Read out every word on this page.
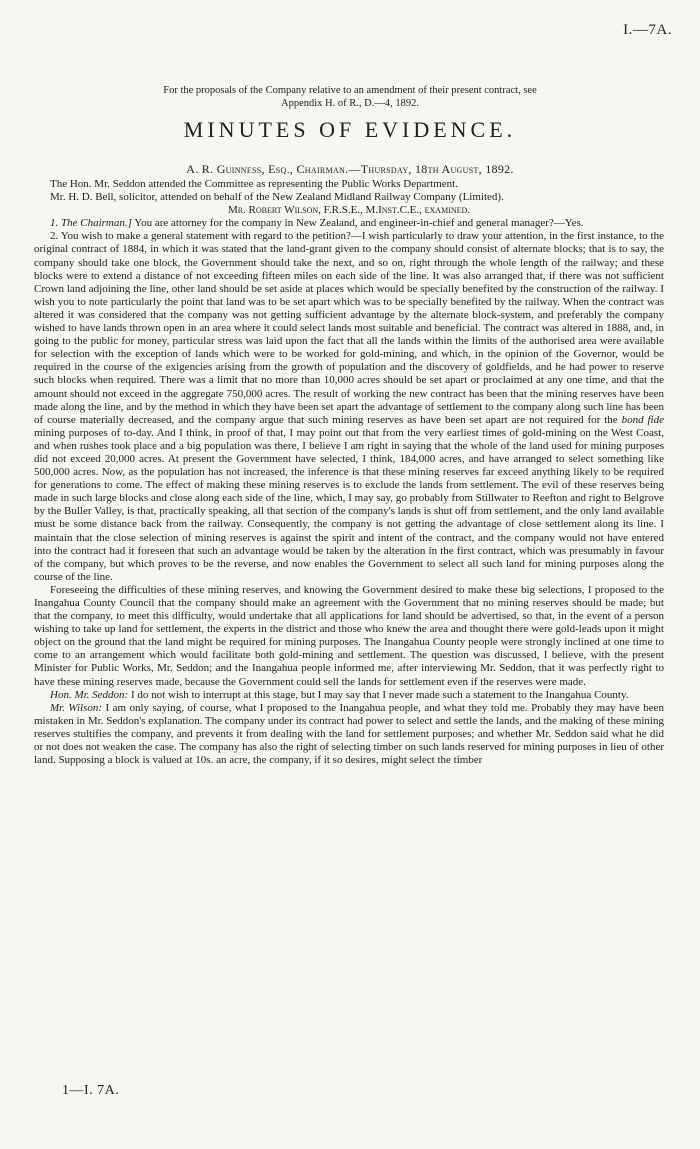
I.—7A.
For the proposals of the Company relative to an amendment of their present contract, see
Appendix H. of R., D.—4, 1892.
MINUTES OF EVIDENCE.
A. R. Guinness, Esq., Chairman.—Thursday, 18th August, 1892.

The Hon. Mr. Seddon attended the Committee as representing the Public Works Department.

Mr. H. D. Bell, solicitor, attended on behalf of the New Zealand Midland Railway Company (Limited).

Mr. Robert Wilson, F.R.S.E., M.Inst.C.E., examined.

1. The Chairman.] You are attorney for the company in New Zealand, and engineer-in-chief and general manager?—Yes.

2. You wish to make a general statement with regard to the petition?—I wish particularly to draw your attention, in the first instance, to the original contract of 1884, in which it was stated that the land-grant given to the company should consist of alternate blocks; that is to say, the company should take one block, the Government should take the next, and so on, right through the whole length of the railway; and these blocks were to extend a distance of not exceeding fifteen miles on each side of the line. It was also arranged that, if there was not sufficient Crown land adjoining the line, other land should be set aside at places which would be specially benefited by the construction of the railway. I wish you to note particularly the point that land was to be set apart which was to be specially benefited by the railway. When the contract was altered it was considered that the company was not getting sufficient advantage by the alternate block-system, and preferably the company wished to have lands thrown open in an area where it could select lands most suitable and beneficial. The contract was altered in 1888, and, in going to the public for money, particular stress was laid upon the fact that all the lands within the limits of the authorised area were available for selection with the exception of lands which were to be worked for gold-mining, and which, in the opinion of the Governor, would be required in the course of the exigencies arising from the growth of population and the discovery of goldfields, and he had power to reserve such blocks when required. There was a limit that no more than 10,000 acres should be set apart or proclaimed at any one time, and that the amount should not exceed in the aggregate 750,000 acres. The result of working the new contract has been that the mining reserves have been made along the line, and by the method in which they have been set apart the advantage of settlement to the company along such line has been of course materially decreased, and the company argue that such mining reserves as have been set apart are not required for the bond fide mining purposes of to-day. And I think, in proof of that, I may point out that from the very earliest times of gold-mining on the West Coast, and when rushes took place and a big population was there, I believe I am right in saying that the whole of the land used for mining purposes did not exceed 20,000 acres. At present the Government have selected, I think, 184,000 acres, and have arranged to select something like 500,000 acres. Now, as the population has not increased, the inference is that these mining reserves far exceed anything likely to be required for generations to come. The effect of making these mining reserves is to exclude the lands from settlement. The evil of these reserves being made in such large blocks and close along each side of the line, which, I may say, go probably from Stillwater to Reefton and right to Belgrove by the Buller Valley, is that, practically speaking, all that section of the company's lands is shut off from settlement, and the only land available must be some distance back from the railway. Consequently, the company is not getting the advantage of close settlement along its line. I maintain that the close selection of mining reserves is against the spirit and intent of the contract, and the company would not have entered into the contract had it foreseen that such an advantage would be taken by the alteration in the first contract, which was presumably in favour of the company, but which proves to be the reverse, and now enables the Government to select all such land for mining purposes along the course of the line.

Foreseeing the difficulties of these mining reserves, and knowing the Government desired to make these big selections, I proposed to the Inangahua County Council that the company should make an agreement with the Government that no mining reserves should be made; but that the company, to meet this difficulty, would undertake that all applications for land should be advertised, so that, in the event of a person wishing to take up land for settlement, the experts in the district and those who knew the area and thought there were gold-leads upon it might object on the ground that the land might be required for mining purposes. The Inangahua County people were strongly inclined at one time to come to an arrangement which would facilitate both gold-mining and settlement. The question was discussed, I believe, with the present Minister for Public Works, Mr. Seddon; and the Inangahua people informed me, after interviewing Mr. Seddon, that it was perfectly right to have these mining reserves made, because the Government could sell the lands for settlement even if the reserves were made.

Hon. Mr. Seddon: I do not wish to interrupt at this stage, but I may say that I never made such a statement to the Inangahua County.

Mr. Wilson: I am only saying, of course, what I proposed to the Inangahua people, and what they told me. Probably they may have been mistaken in Mr. Seddon's explanation. The company under its contract had power to select and settle the lands, and the making of these mining reserves stultifies the company, and prevents it from dealing with the land for settlement purposes; and whether Mr. Seddon said what he did or not does not weaken the case. The company has also the right of selecting timber on such lands reserved for mining purposes in lieu of other land. Supposing a block is valued at 10s. an acre, the company, if it so desires, might select the timber

1—I. 7A.
